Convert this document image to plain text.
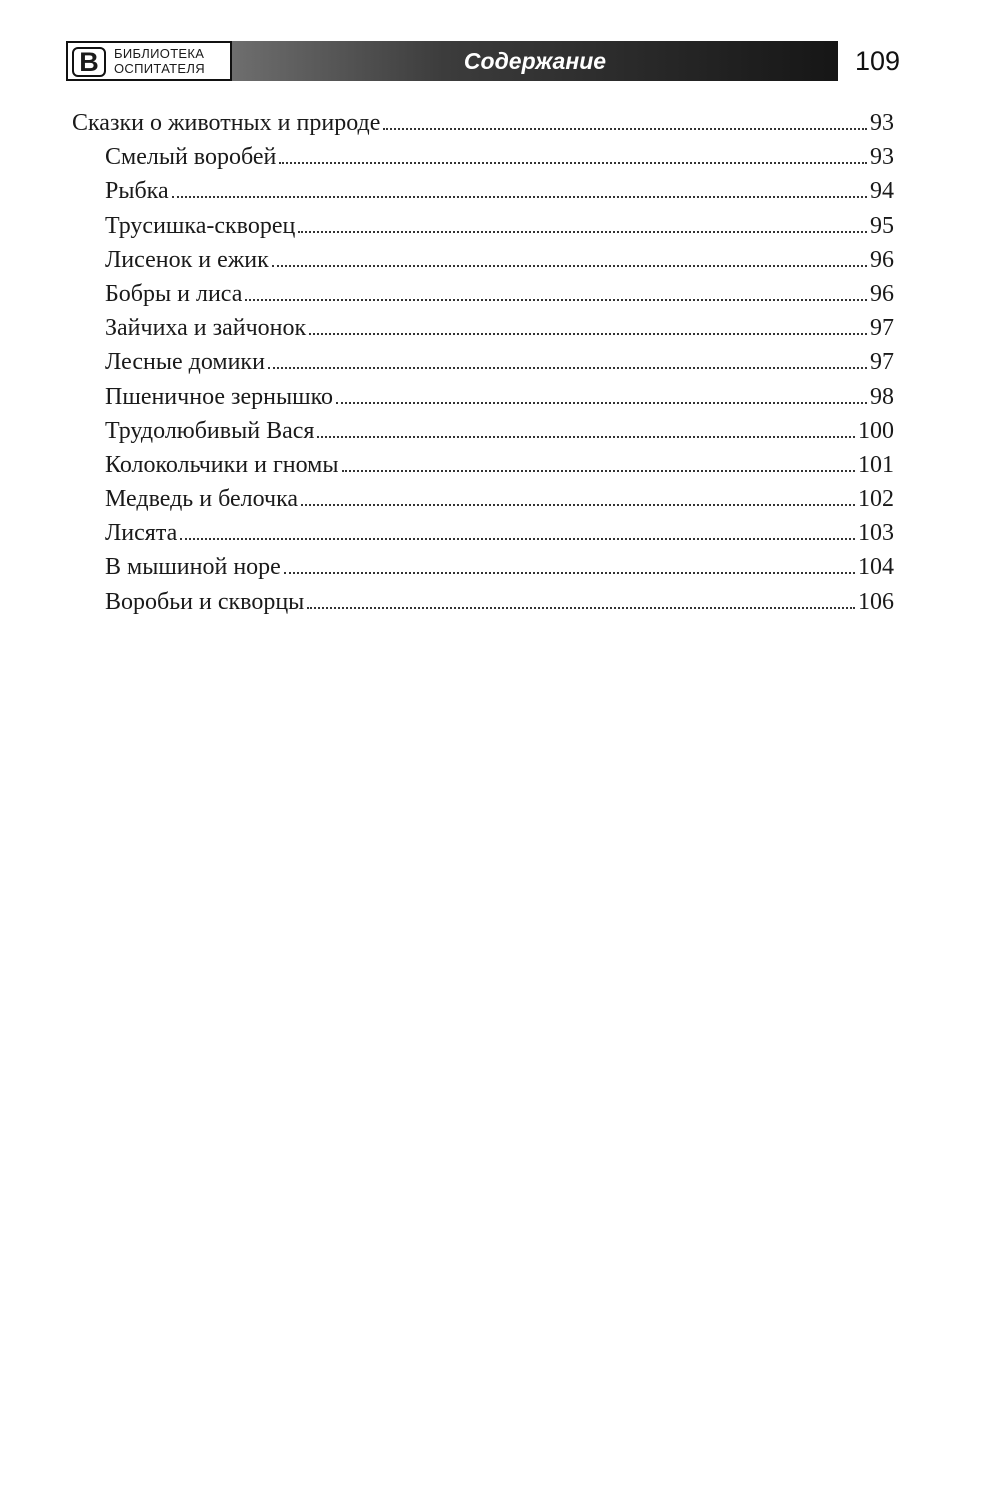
В	БИБЛИОТЕКА
ОСПИТАТЕЛЯ	Содержание	109
Сказки о животных и природе	93
Смелый воробей	93
Рыбка	94
Трусишка-скворец	95
Лисенок и ежик	96
Бобры и лиса	96
Зайчиха и зайчонок	97
Лесные домики	97
Пшеничное зернышко	98
Трудолюбивый Вася	100
Колокольчики и гномы	101
Медведь и белочка	102
Лисята	103
В мышиной норе	104
Воробьи и скворцы	106
